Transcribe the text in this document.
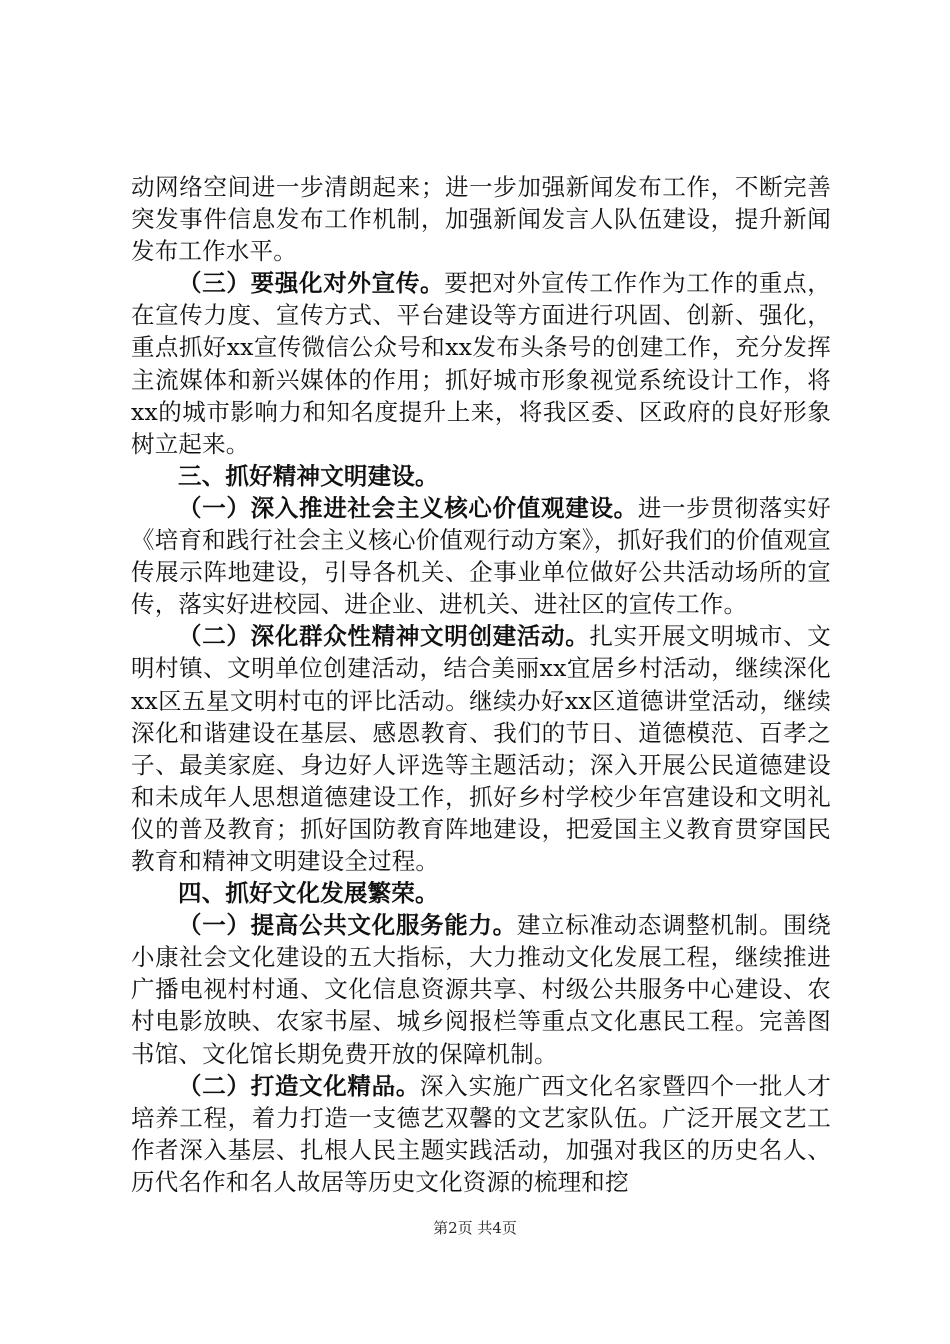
动网络空间进一步清朗起来；进一步加强新闻发布工作，不断完善突发事件信息发布工作机制，加强新闻发言人队伍建设，提升新闻发布工作水平。

（三）要强化对外宣传。要把对外宣传工作作为工作的重点，在宣传力度、宣传方式、平台建设等方面进行巩固、创新、强化，重点抓好xx宣传微信公众号和xx发布头条号的创建工作，充分发挥主流媒体和新兴媒体的作用；抓好城市形象视觉系统设计工作，将xx的城市影响力和知名度提升上来，将我区委、区政府的良好形象树立起来。

三、抓好精神文明建设。

（一）深入推进社会主义核心价值观建设。进一步贯彻落实好《培育和践行社会主义核心价值观行动方案》，抓好我们的价值观宣传展示阵地建设，引导各机关、企事业单位做好公共活动场所的宣传，落实好进校园、进企业、进机关、进社区的宣传工作。

（二）深化群众性精神文明创建活动。扎实开展文明城市、文明村镇、文明单位创建活动，结合美丽xx宜居乡村活动，继续深化xx区五星文明村屯的评比活动。继续办好xx区道德讲堂活动，继续深化和谐建设在基层、感恩教育、我们的节日、道德模范、百孝之子、最美家庭、身边好人评选等主题活动；深入开展公民道德建设和未成年人思想道德建设工作，抓好乡村学校少年宫建设和文明礼仪的普及教育；抓好国防教育阵地建设，把爱国主义教育贯穿国民教育和精神文明建设全过程。

四、抓好文化发展繁荣。

（一）提高公共文化服务能力。建立标准动态调整机制。围绕小康社会文化建设的五大指标，大力推动文化发展工程，继续推进广播电视村村通、文化信息资源共享、村级公共服务中心建设、农村电影放映、农家书屋、城乡阅报栏等重点文化惠民工程。完善图书馆、文化馆长期免费开放的保障机制。

（二）打造文化精品。深入实施广西文化名家暨四个一批人才培养工程，着力打造一支德艺双馨的文艺家队伍。广泛开展文艺工作者深入基层、扎根人民主题实践活动，加强对我区的历史名人、历代名作和名人故居等历史文化资源的梳理和挖

第2页 共4页
